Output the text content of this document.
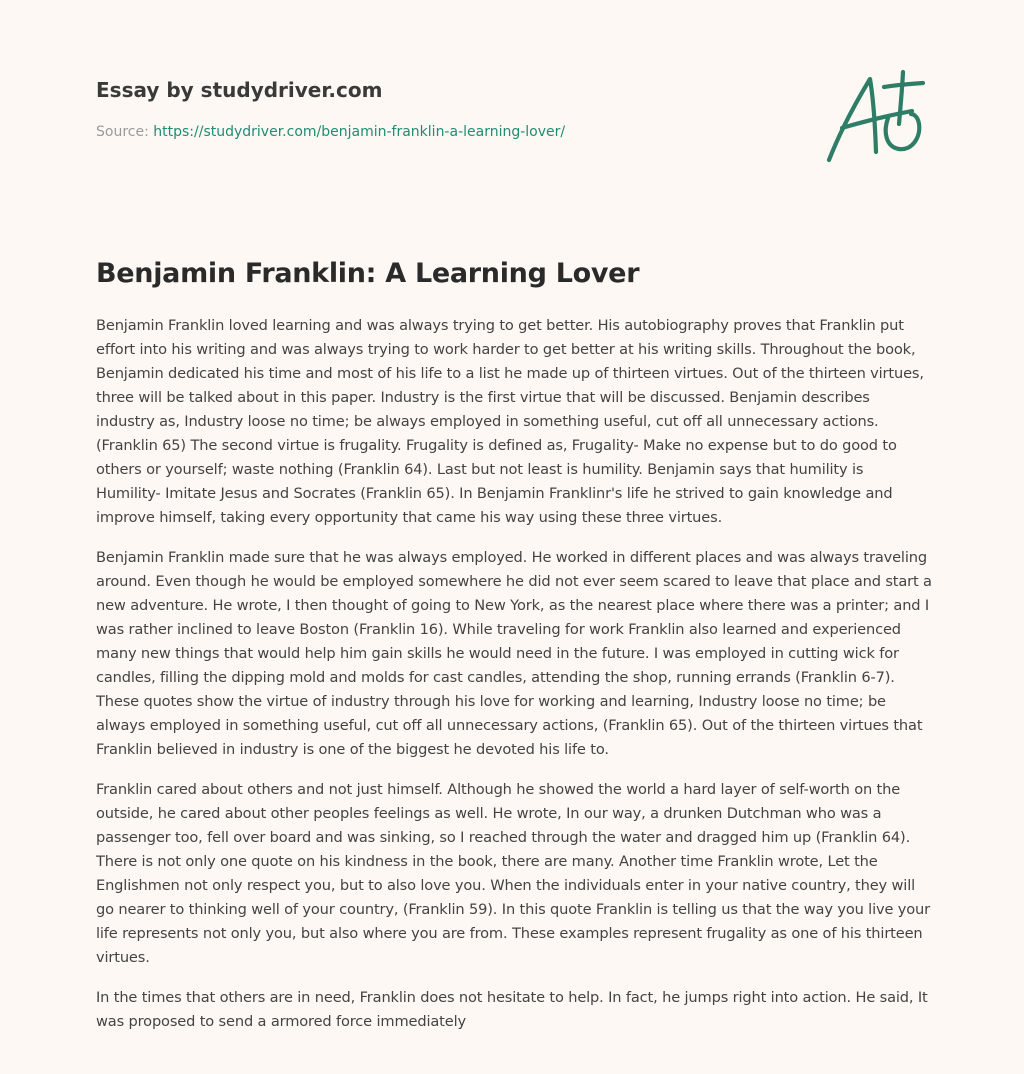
Essay by studydriver.com
Source: https://studydriver.com/benjamin-franklin-a-learning-lover/
Benjamin Franklin: A Learning Lover

Benjamin Franklin loved learning and was always trying to get better. His autobiography proves that Franklin put effort into his writing and was always trying to work harder to get better at his writing skills. Throughout the book, Benjamin dedicated his time and most of his life to a list he made up of thirteen virtues. Out of the thirteen virtues, three will be talked about in this paper. Industry is the first virtue that will be discussed. Benjamin describes industry as, Industry loose no time; be always employed in something useful, cut off all unnecessary actions. (Franklin 65) The second virtue is frugality. Frugality is defined as, Frugality- Make no expense but to do good to others or yourself; waste nothing (Franklin 64). Last but not least is humility. Benjamin says that humility is Humility- Imitate Jesus and Socrates (Franklin 65). In Benjamin Franklinr's life he strived to gain knowledge and improve himself, taking every opportunity that came his way using these three virtues.

Benjamin Franklin made sure that he was always employed. He worked in different places and was always traveling around. Even though he would be employed somewhere he did not ever seem scared to leave that place and start a new adventure. He wrote, I then thought of going to New York, as the nearest place where there was a printer; and I was rather inclined to leave Boston (Franklin 16). While traveling for work Franklin also learned and experienced many new things that would help him gain skills he would need in the future. I was employed in cutting wick for candles, filling the dipping mold and molds for cast candles, attending the shop, running errands (Franklin 6-7). These quotes show the virtue of industry through his love for working and learning, Industry loose no time; be always employed in something useful, cut off all unnecessary actions, (Franklin 65). Out of the thirteen virtues that Franklin believed in industry is one of the biggest he devoted his life to.

Franklin cared about others and not just himself. Although he showed the world a hard layer of self-worth on the outside, he cared about other peoples feelings as well. He wrote, In our way, a drunken Dutchman who was a passenger too, fell over board and was sinking, so I reached through the water and dragged him up (Franklin 64). There is not only one quote on his kindness in the book, there are many. Another time Franklin wrote, Let the Englishmen not only respect you, but to also love you. When the individuals enter in your native country, they will go nearer to thinking well of your country, (Franklin 59). In this quote Franklin is telling us that the way you live your life represents not only you, but also where you are from. These examples represent frugality as one of his thirteen virtues.

In the times that others are in need, Franklin does not hesitate to help. In fact, he jumps right into action. He said, It was proposed to send a armored force immediately
